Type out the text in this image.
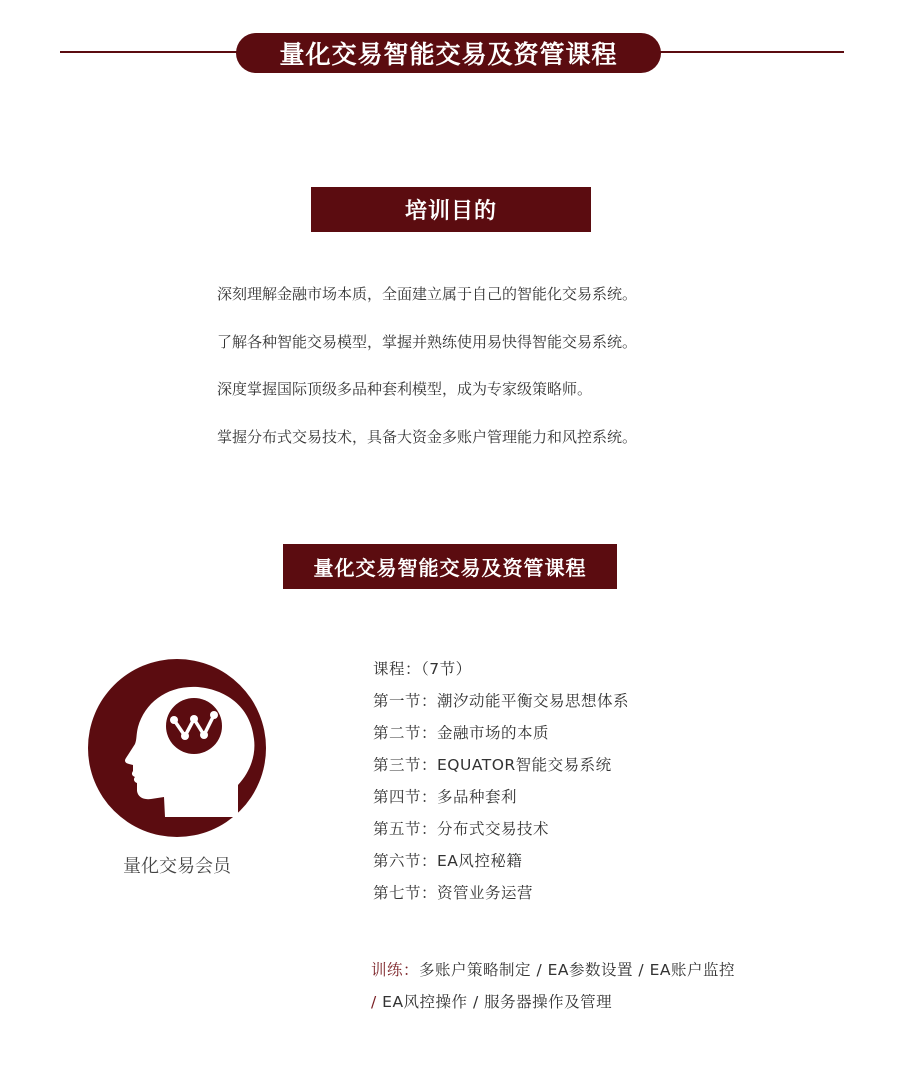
量化交易智能交易及资管课程
培训目的
深刻理解金融市场本质，全面建立属于自己的智能化交易系统。
了解各种智能交易模型，掌握并熟练使用易快得智能交易系统。
深度掌握国际顶级多品种套利模型，成为专家级策略师。
掌握分布式交易技术，具备大资金多账户管理能力和风控系统。
量化交易智能交易及资管课程
量化交易会员
课程：（7节）
第一节：潮汐动能平衡交易思想体系
第二节：金融市场的本质
第三节：EQUATOR智能交易系统
第四节：多品种套利
第五节：分布式交易技术
第六节：EA风控秘籍
第七节：资管业务运营
训练：多账户策略制定 / EA参数设置 / EA账户监控
/ EA风控操作 / 服务器操作及管理
